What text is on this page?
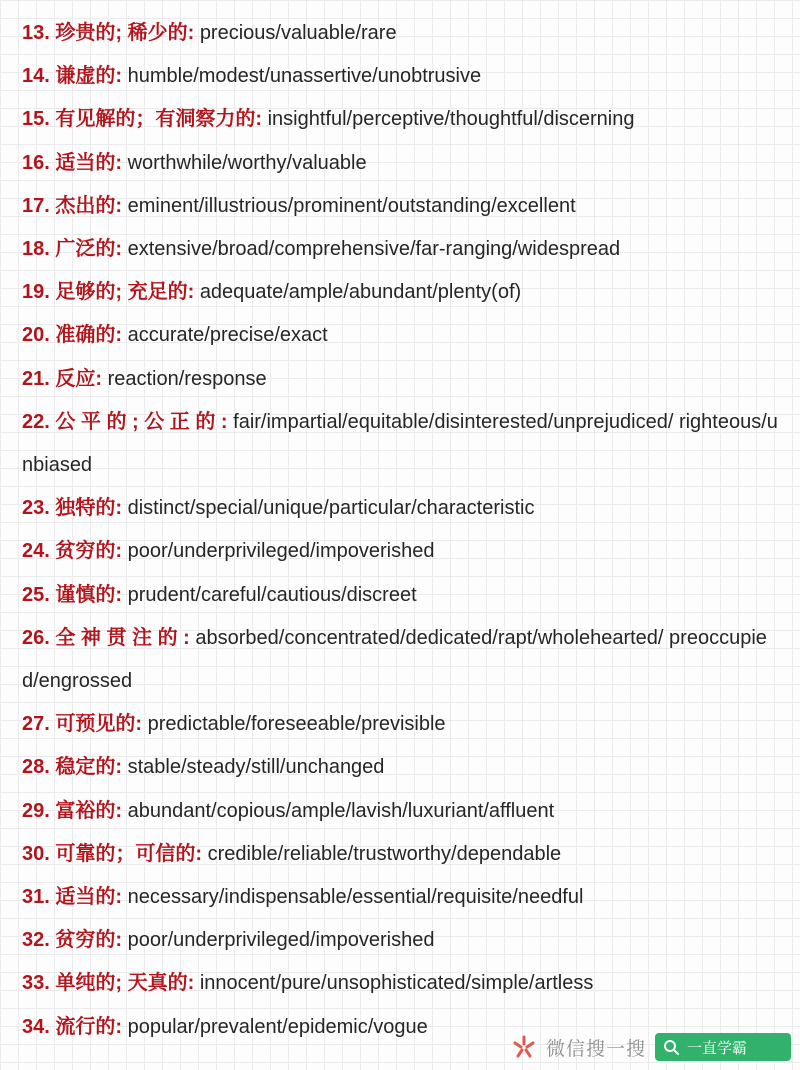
13. 珍贵的; 稀少的: precious/valuable/rare
14. 谦虚的: humble/modest/unassertive/unobtrusive
15. 有见解的；有洞察力的: insightful/perceptive/thoughtful/discerning
16. 适当的: worthwhile/worthy/valuable
17. 杰出的: eminent/illustrious/prominent/outstanding/excellent
18. 广泛的: extensive/broad/comprehensive/far-ranging/widespread
19. 足够的; 充足的: adequate/ample/abundant/plenty(of)
20. 准确的: accurate/precise/exact
21. 反应: reaction/response
22. 公 平 的 ; 公 正 的 : fair/impartial/equitable/disinterested/unprejudiced/ righteous/unbiased
23. 独特的: distinct/special/unique/particular/characteristic
24. 贫穷的: poor/underprivileged/impoverished
25. 谨慎的: prudent/careful/cautious/discreet
26. 全 神 贯 注 的 : absorbed/concentrated/dedicated/rapt/wholehearted/ preoccupied/engrossed
27. 可预见的: predictable/foreseeable/previsible
28. 稳定的: stable/steady/still/unchanged
29. 富裕的: abundant/copious/ample/lavish/luxuriant/affluent
30. 可靠的；可信的: credible/reliable/trustworthy/dependable
31. 适当的: necessary/indispensable/essential/requisite/needful
32. 贫穷的: poor/underprivileged/impoverished
33. 单纯的; 天真的: innocent/pure/unsophisticated/simple/artless
34. 流行的: popular/prevalent/epidemic/vogue
微信搜一搜	一直学霸
